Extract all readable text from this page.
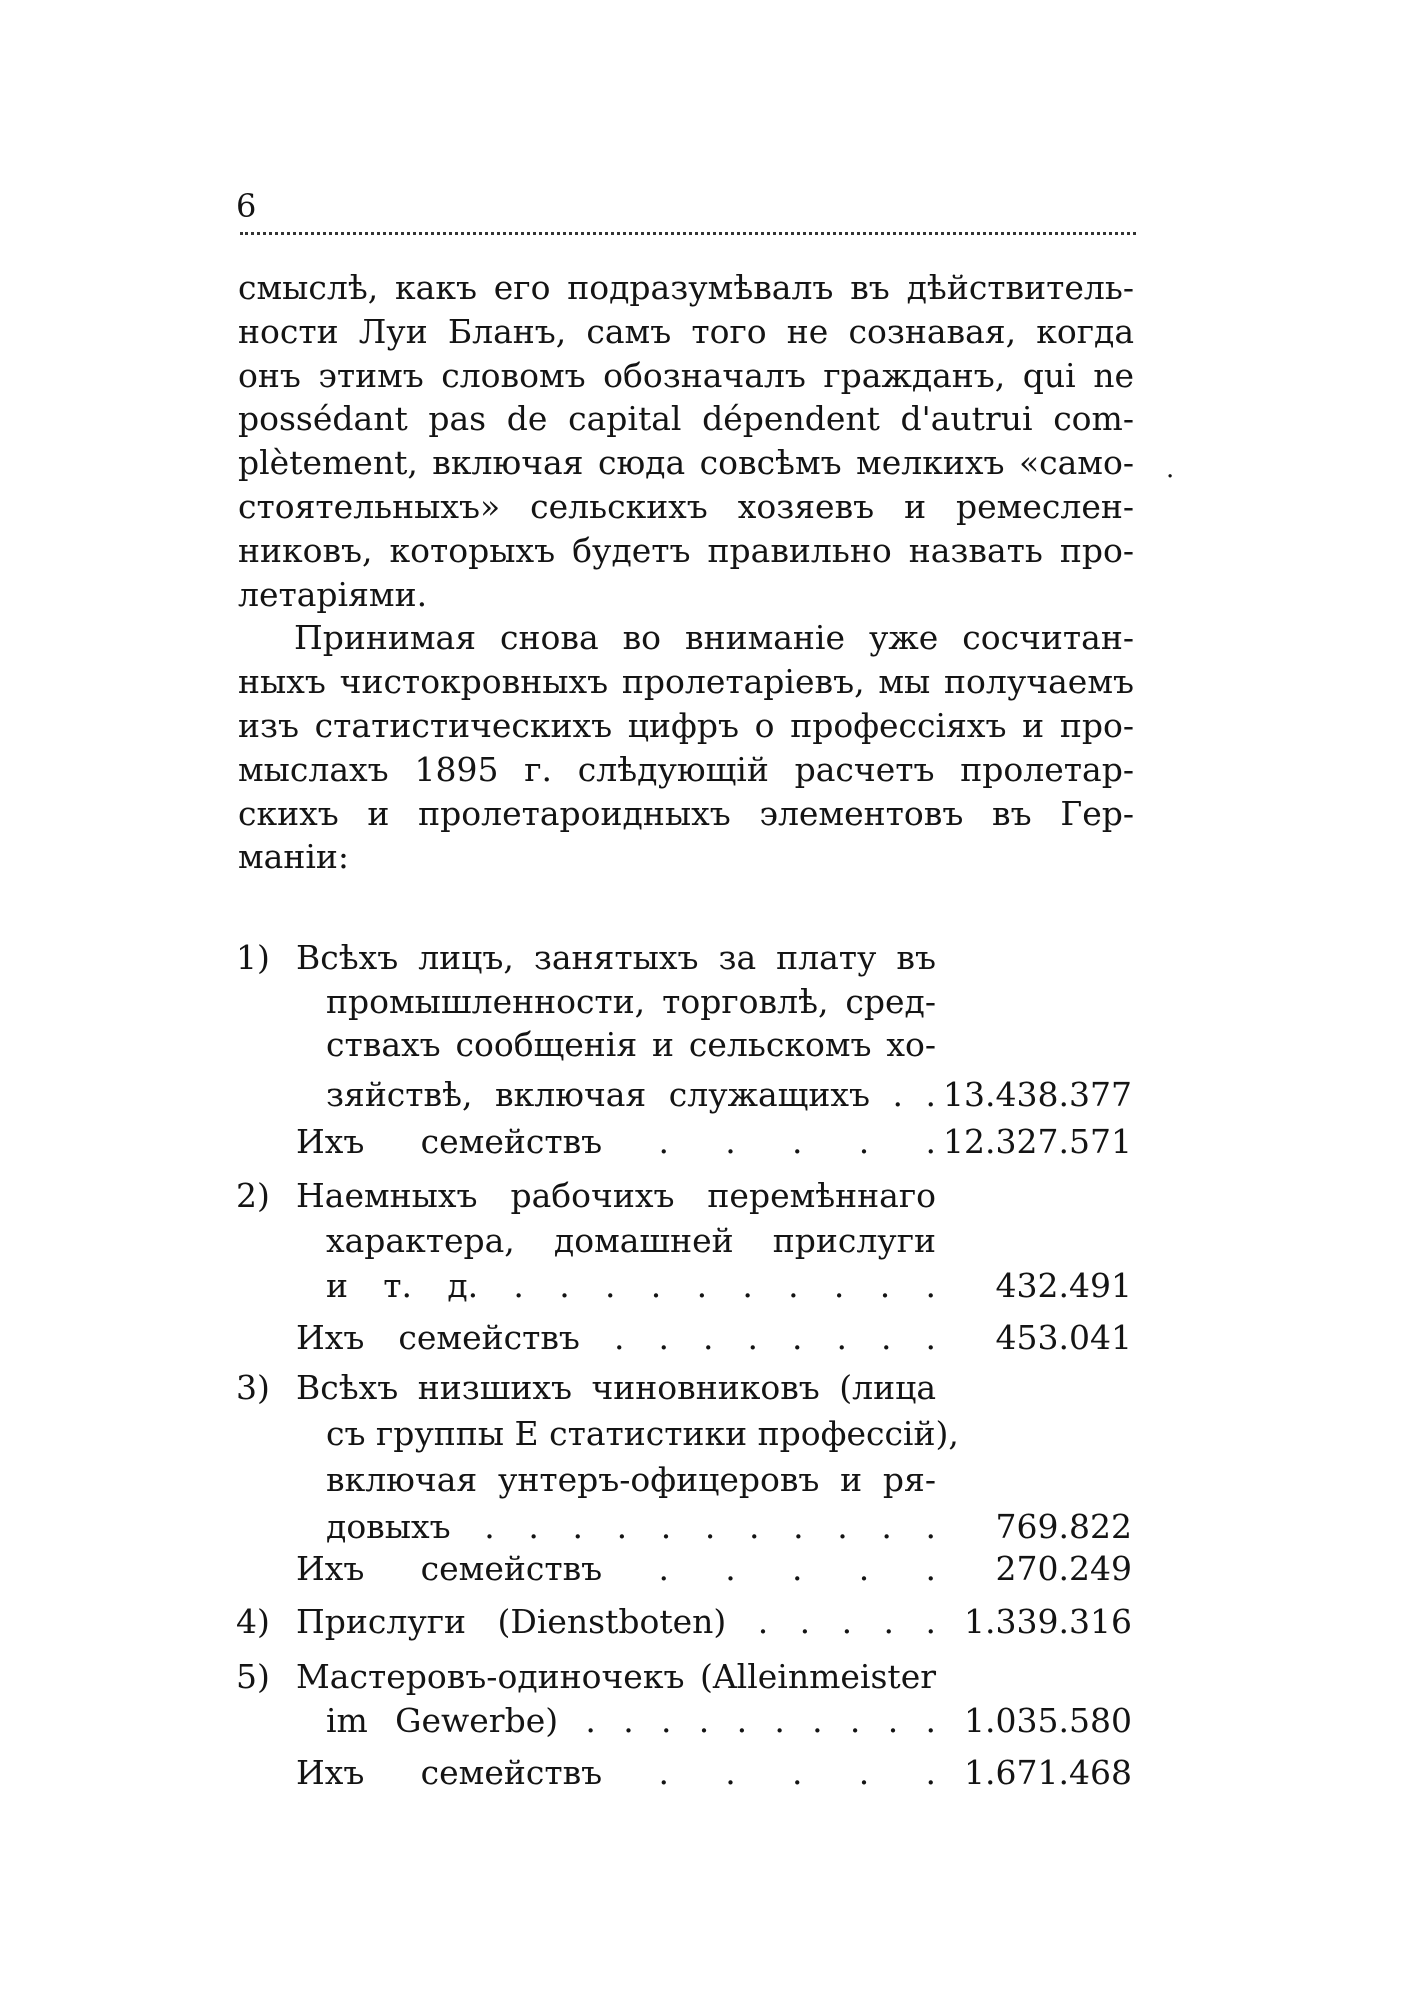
6
·
смыслѣ, какъ его подразумѣвалъ въ дѣйствитель-
ности Луи Бланъ, самъ того не сознавая, когда
онъ этимъ словомъ обозначалъ гражданъ, qui ne
possédant pas de capital dépendent d'autrui com-
plètement, включая сюда совсѣмъ мелкихъ «само-
стоятельныхъ» сельскихъ хозяевъ и ремеслен-
никовъ, которыхъ будетъ правильно назвать про-
летаріями.
Принимая снова во вниманіе уже сосчитан-
ныхъ чистокровныхъ пролетаріевъ, мы получаемъ
изъ статистическихъ цифръ о профессіяхъ и про-
мыслахъ 1895 г. слѣдующій расчетъ пролетар-
скихъ и пролетароидныхъ элементовъ въ Гер-
маніи:
1) Всѣхъ лицъ, занятыхъ за плату въ
промышленности, торговлѣ, сред-
ствахъ сообщенія и сельскомъ хо-
зяйствѣ, включая служащихъ . . 13.438.377
Ихъ семействъ . . . . . 12.327.571
2) Наемныхъ рабочихъ перемѣннаго
характера, домашней прислуги
и т. д. . . . . . . . . . . 432.491
Ихъ семействъ . . . . . . . . 453.041
3) Всѣхъ низшихъ чиновниковъ (лица
съ группы E статистики профессій),
включая унтеръ-офицеровъ и ря-
довыхъ . . . . . . . . . . . 769.822
Ихъ семействъ . . . . . 270.249
4) Прислуги (Dienstboten) . . . . . 1.339.316
5) Мастеровъ-одиночекъ (Alleinmeister
im Gewerbe) . . . . . . . . . . 1.035.580
Ихъ семействъ . . . . . 1.671.468
